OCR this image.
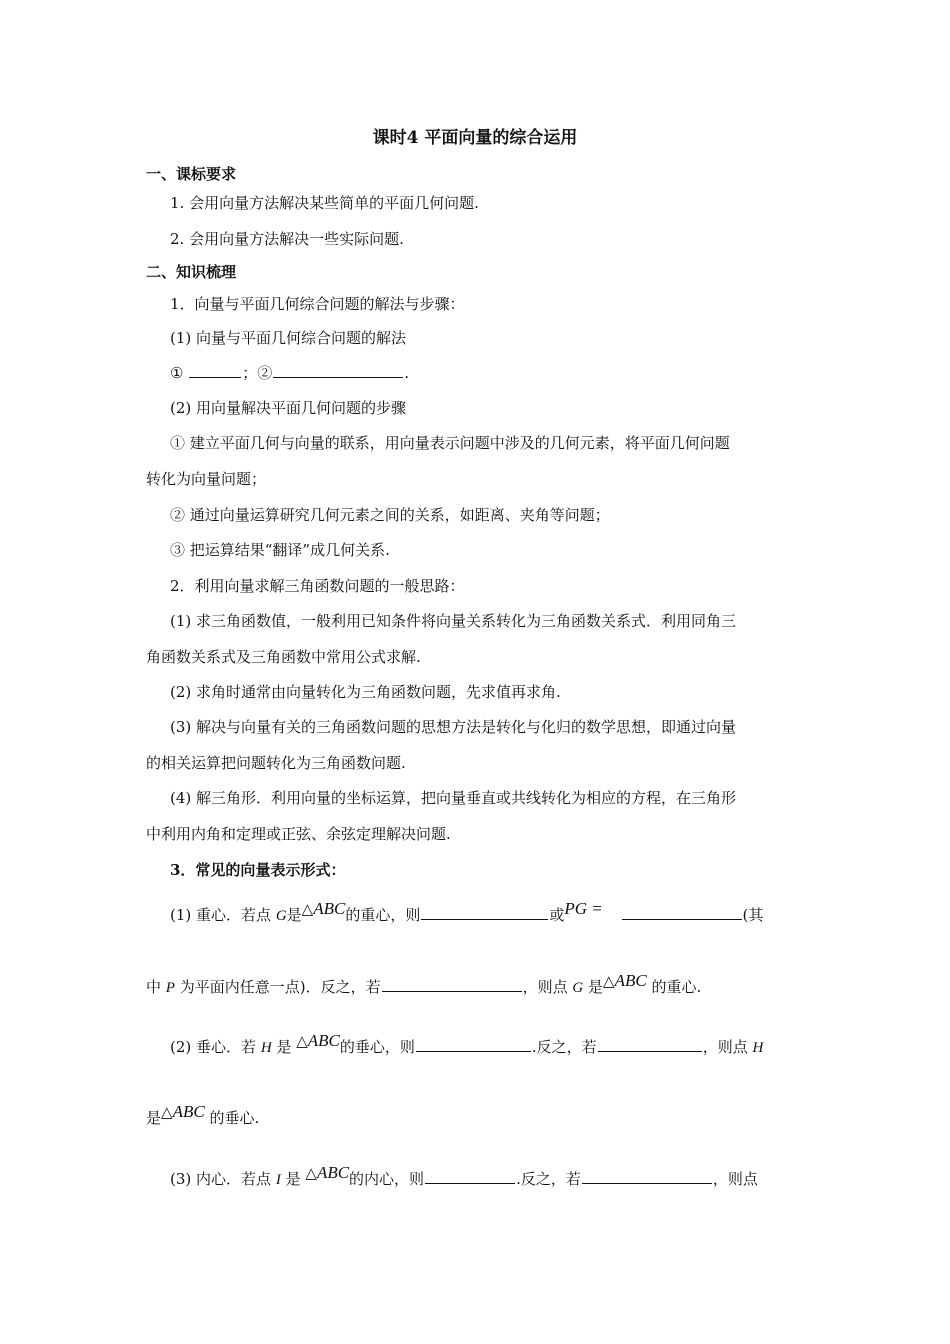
课时4 平面向量的综合运用
一、课标要求
1. 会用向量方法解决某些简单的平面几何问题.
2. 会用向量方法解决一些实际问题.
二、知识梳理
1．向量与平面几何综合问题的解法与步骤：
(1) 向量与平面几何综合问题的解法
①	；②	.
(2) 用向量解决平面几何问题的步骤
① 建立平面几何与向量的联系，用向量表示问题中涉及的几何元素，将平面几何问题
转化为向量问题；
② 通过向量运算研究几何元素之间的关系，如距离、夹角等问题；
③ 把运算结果“翻译”成几何关系.
2．利用向量求解三角函数问题的一般思路：
(1) 求三角函数值，一般利用已知条件将向量关系转化为三角函数关系式．利用同角三
角函数关系式及三角函数中常用公式求解.
(2) 求角时通常由向量转化为三角函数问题，先求值再求角.
(3) 解决与向量有关的三角函数问题的思想方法是转化与化归的数学思想，即通过向量
的相关运算把问题转化为三角函数问题.
(4) 解三角形．利用向量的坐标运算，把向量垂直或共线转化为相应的方程，在三角形
中利用内角和定理或正弦、余弦定理解决问题.
3．常见的向量表示形式：
(1) 重心．若点 G是△ABC的重心，则	或PG =	(其
中 P 为平面内任意一点)．反之，若	，则点 G 是△ABC 的重心.
(2) 垂心．若 H 是 △ABC的垂心，则	.反之，若	，则点 H
是△ABC 的垂心.
(3) 内心．若点 I 是 △ABC的内心，则	.反之，若	，则点
